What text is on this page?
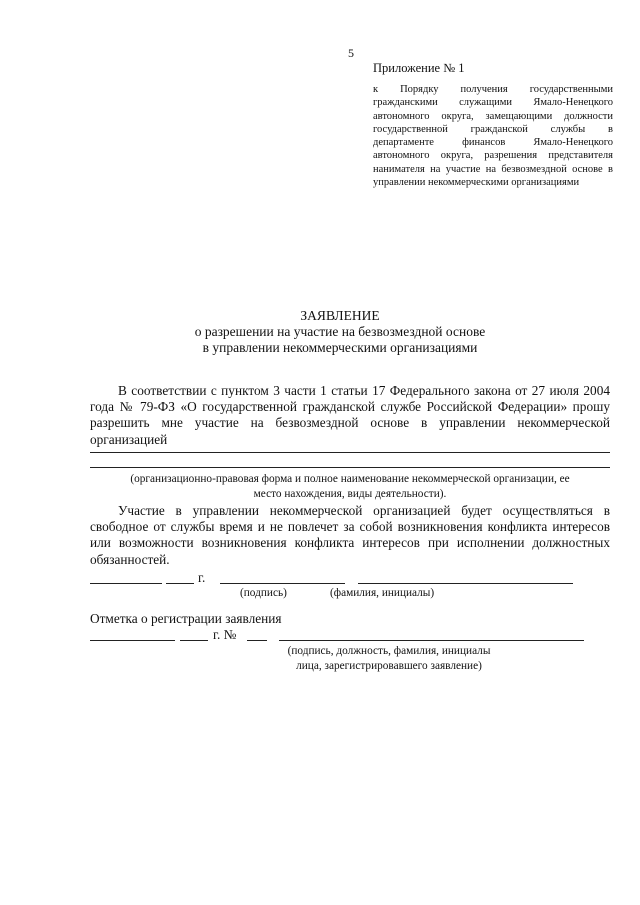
5
Приложение № 1
к Порядку получения государственными гражданскими служащими Ямало-Ненецкого автономного округа, замещающими должности государственной гражданской службы в департаменте финансов Ямало-Ненецкого автономного округа, разрешения представителя нанимателя на участие на безвозмездной основе в управлении некоммерческими организациями
ЗАЯВЛЕНИЕ
о разрешении на участие на безвозмездной основе
в управлении некоммерческими организациями
В соответствии с пунктом 3 части 1 статьи 17 Федерального закона от 27 июля 2004 года № 79-ФЗ «О государственной гражданской службе Российской Федерации» прошу разрешить мне участие на безвозмездной основе в управлении некоммерческой организацией
(организационно-правовая форма и полное наименование некоммерческой организации, ее
место нахождения, виды деятельности).
Участие в управлении некоммерческой организацией будет осуществляться в свободное от службы время и не повлечет за собой возникновения конфликта интересов или возможности возникновения конфликта интересов при исполнении должностных обязанностей.
г.
(подпись)	(фамилия, инициалы)
Отметка о регистрации заявления
г. №
(подпись, должность, фамилия, инициалы
лица, зарегистрировавшего заявление)
